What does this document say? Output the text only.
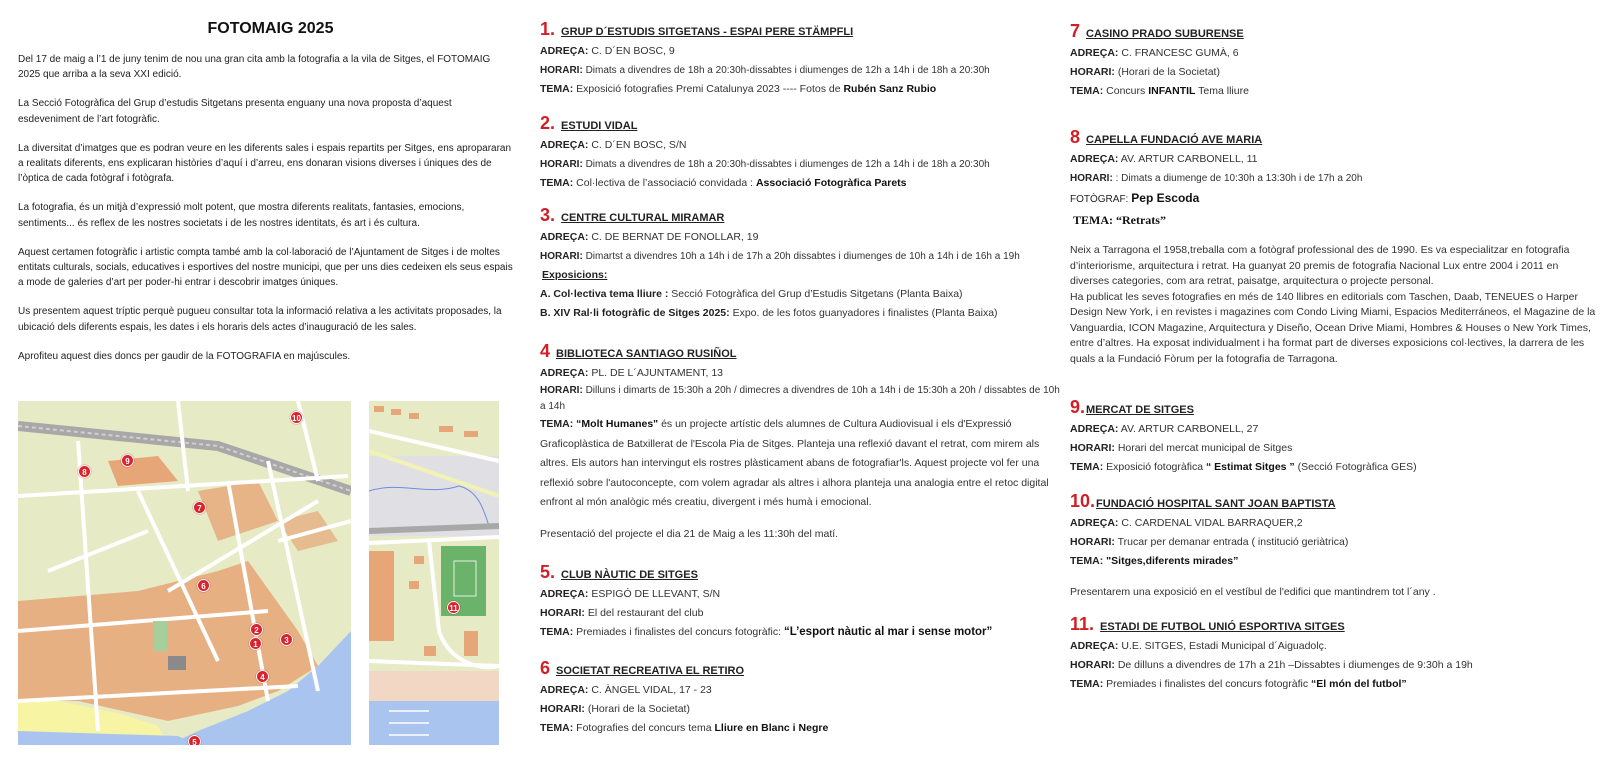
FOTOMAIG 2025

Del 17 de maig a l’1 de juny tenim de nou una gran cita amb la fotografia a la vila de Sitges, el FOTOMAIG 2025 que arriba a la seva XXI edició.

La Secció Fotogràfica del Grup d’estudis Sitgetans presenta enguany una nova proposta d’aquest esdeveniment de l’art fotogràfic.

La diversitat d’imatges que es podran veure en les diferents sales i espais repartits per Sitges, ens apropararan a realitats diferents, ens explicaran històries d’aquí i d’arreu, ens donaran visions diverses i úniques des de l’òptica de cada fotògraf i fotògrafa.

La fotografia, és un mitjà d’expressió molt potent, que mostra diferents realitats, fantasies, emocions, sentiments... és reflex de les nostres societats i de les nostres identitats, és art i és cultura.

Aquest certamen fotogràfic i artistic compta també amb la col·laboració de l’Ajuntament de Sitges i de moltes entitats culturals, socials, educatives i esportives del nostre municipi, que per uns dies cedeixen els seus espais a mode de galeries d’art per poder-hi entrar i descobrir imatges úniques.

Us presentem aquest tríptic perquè pugueu consultar tota la informació relativa a les activitats proposades, la ubicació dels diferents espais, les dates i els horaris dels actes d’inauguració de les sales.

Aprofiteu aquest dies doncs per gaudir de la FOTOGRAFIA en majúscules.

1
2
3
4
5
6
7
8
9
10
11
1. GRUP D´ESTUDIS SITGETANS - ESPAI PERE STÄMPFLI
ADREÇA: C. D´EN BOSC, 9
HORARI: Dimats a divendres de 18h a 20:30h-dissabtes i diumenges de 12h a 14h i de 18h a 20:30h
TEMA: Exposició fotografies Premi Catalunya 2023 ---- Fotos de Rubén Sanz Rubio
2. ESTUDI VIDAL
ADREÇA: C. D´EN BOSC, S/N
HORARI: Dimats a divendres de 18h a 20:30h-dissabtes i diumenges de 12h a 14h i de 18h a 20:30h
TEMA: Col·lectiva de l’associació convidada : Associació Fotogràfica Parets
3. CENTRE CULTURAL MIRAMAR
ADREÇA: C. DE BERNAT DE FONOLLAR, 19
HORARI: Dimartst a divendres 10h a 14h i de 17h a 20h dissabtes i diumenges de 10h a 14h i de 16h a 19h
Exposicions:
A. Col·lectiva tema lliure : Secció Fotogràfica del Grup d’Estudis Sitgetans (Planta Baixa)
B. XIV Ral·li fotogràfic de Sitges 2025: Expo. de les fotos guanyadores i finalistes (Planta Baixa)
4 BIBLIOTECA SANTIAGO RUSIÑOL
ADREÇA: PL. DE L´AJUNTAMENT, 13
HORARI: Dilluns i dimarts de 15:30h a 20h / dimecres a divendres de 10h a 14h i de 15:30h a 20h / dissabtes de 10h a 14h
TEMA: “Molt Humanes" és un projecte artístic dels alumnes de Cultura Audiovisual i els d'Expressió Graficoplàstica de Batxillerat de l'Escola Pia de Sitges. Planteja una reflexió davant el retrat, com mirem als altres. Els autors han intervingut els rostres plàsticament abans de fotografiar'ls. Aquest projecte vol fer una reflexió sobre l'autoconcepte, com volem agradar als altres i alhora planteja una analogia entre el retoc digital enfront al món analògic més creatiu, divergent i més humà i emocional.
Presentació del projecte el dia 21 de Maig a les 11:30h del matí.
5. CLUB NÀUTIC DE SITGES
ADREÇA: ESPIGÓ DE LLEVANT, S/N
HORARI: El del restaurant del club
TEMA: Premiades i finalistes del concurs fotogràfic: “L’esport nàutic al mar i sense motor”
6 SOCIETAT RECREATIVA EL RETIRO
ADREÇA: C. ÀNGEL VIDAL, 17 - 23
HORARI: (Horari de la Societat)
TEMA: Fotografies del concurs tema Lliure en Blanc i Negre
7 CASINO PRADO SUBURENSE
ADREÇA: C. FRANCESC GUMÀ, 6
HORARI: (Horari de la Societat)
TEMA: Concurs INFANTIL Tema lliure
8 CAPELLA FUNDACIÓ AVE MARIA
ADREÇA: AV. ARTUR CARBONELL, 11
HORARI: : Dimats a diumenge de 10:30h a 13:30h i de 17h a 20h
FOTÒGRAF: Pep Escoda
TEMA: “Retrats”
Neix a Tarragona el 1958,treballa com a fotògraf professional des de 1990. Es va especialitzar en fotografia d’interiorisme, arquitectura i retrat. Ha guanyat 20 premis de fotografia Nacional Lux entre 2004 i 2011 en diverses categories, com ara retrat, paisatge, arquitectura o projecte personal.
Ha publicat les seves fotografies en més de 140 llibres en editorials com Taschen, Daab, TENEUES o Harper Design New York, i en revistes i magazines com Condo Living Miami, Espacios Mediterráneos, el Magazine de la Vanguardia, ICON Magazine, Arquitectura y Diseño, Ocean Drive Miami, Hombres & Houses o New York Times, entre d’altres. Ha exposat individualment i ha format part de diverses exposicions col·lectives, la darrera de les quals a la Fundació Fòrum per la fotografia de Tarragona.
9. MERCAT DE SITGES
ADREÇA: AV. ARTUR CARBONELL, 27
HORARI: Horari del mercat municipal de Sitges
TEMA: Exposició fotogràfica “ Estimat Sitges ” (Secció Fotogràfica GES)
10. FUNDACIÓ HOSPITAL SANT JOAN BAPTISTA
ADREÇA: C. CARDENAL VIDAL BARRAQUER,2
HORARI: Trucar per demanar entrada ( institució geriàtrica)
TEMA: "Sitges,diferents mirades”
Presentarem una exposició en el vestíbul de l'edifici que mantindrem tot l´any .
11. ESTADI DE FUTBOL UNIÓ ESPORTIVA SITGES
ADREÇA: U.E. SITGES, Estadi Municipal d´Aiguadolç.
HORARI: De dilluns a divendres de 17h a 21h –Dissabtes i diumenges de 9:30h a 19h
TEMA: Premiades i finalistes del concurs fotogràfic “El món del futbol”
